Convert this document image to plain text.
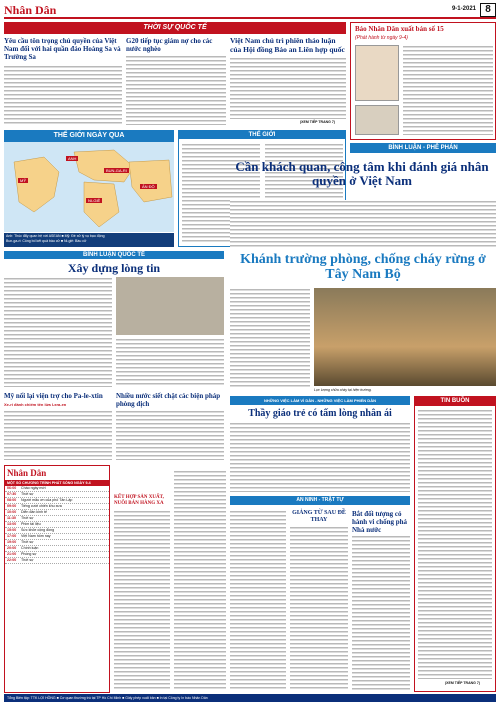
Nhân Dân	9-1-2021 8
THỜI SỰ QUỐC TẾ
Yêu cầu tôn trọng chủ quyền của Việt Nam đối với hai quần đảo Hoàng Sa và Trường Sa
G20 tiếp tục giám nợ cho các nước nghèo
Việt Nam chủ trì phiên thảo luận của Hội đồng Bảo an Liên hợp quốc
(XEM TIẾP TRANG 7)
Báo Nhân Dân xuất bản số 15
(Phát hành từ ngày 9-4)
THẾ GIỚI NGÀY QUA
ANH
BUN-GA-RI
MỸ
NI-GIÊ
ẤN ĐỘ
Anh: Thúc đẩy quan hệ với ASEAN ■ Mỹ: Đề xử lý vụ bạo động
Bun-ga-ri: Công bố kết quả bầu cử ■ Ni-giê: Bầu cử
THẾ GIỚI
BÌNH LUẬN - PHÊ PHÁN
Cần khách quan, công tâm khi đánh giá nhân quyền ở Việt Nam
BÌNH LUẬN QUỐC TẾ
Xây dựng lòng tin
Khánh trường phòng, chống cháy rừng ở Tây Nam Bộ
Lực lượng chữa cháy tại hiện trường.
Mỹ nối lại viện trợ cho Pa-le-xtin
Xe-ri đánh chiếm tên lửa I-xra-en
Nhiều nước siết chặt các biện pháp phòng dịch	NHỮNG VIỆC LÀM VÌ DÂN - NHỮNG VIỆC LÀM PHIẾN DÂN
Thầy giáo trẻ có tấm lòng nhân ái
TIN BUỒN
(XEM TIẾP TRANG 7)
Nhân Dân
MỘT SỐ CHƯƠNG TRÌNH PHÁT SÓNG NGÀY 9-4
06:00	Chào ngày mới
07:30	Thời sự
08:00	Người mẫu ơn của phố Tân Lập
09:00	Tiếng cười chiến khu xưa
10:00	Diễn đàn kinh tế
11:30	Thời sự
13:00	Phim tài liệu
15:00	Sức khỏe cộng đồng
17:00	Việt Nam hôm nay
19:00	Thời sự
20:00	Chính luận
21:00	Phóng sự
22:00	Thời sự
KẾT HỢP SẢN XUẤT, NUÔI BÁN HÀNG XA
AN NINH - TRẬT TỰ
GIẢNG TỪ SAU ĐỀ THAY
Bắt đối tượng có hành vi chống phá Nhà nước
Tổng Biên tập: TTK LỢI HỒNG ■ Cơ quan thường trú tại TP Hồ Chí Minh ■ Giấy phép xuất bản ■ In tại Công ty In báo Nhân Dân
